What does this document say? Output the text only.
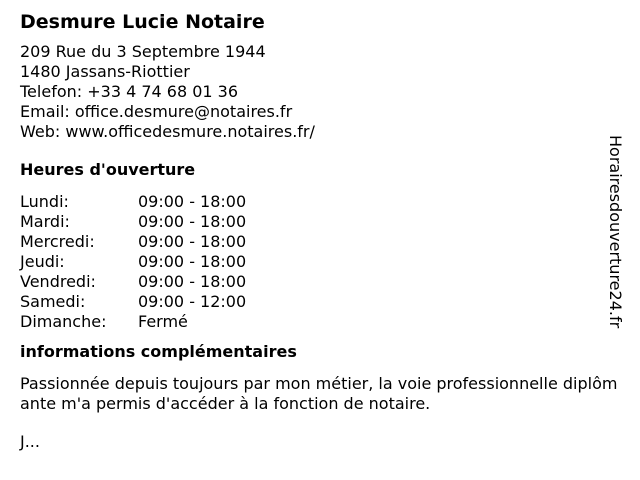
Desmure Lucie Notaire
209 Rue du 3 Septembre 1944
1480 Jassans-Riottier
Telefon: +33 4 74 68 01 36
Email: office.desmure@notaires.fr
Web: www.officedesmure.notaires.fr/
Heures d'ouverture
Lundi:	09:00 - 18:00
Mardi:	09:00 - 18:00
Mercredi:	09:00 - 18:00
Jeudi:	09:00 - 18:00
Vendredi:	09:00 - 18:00
Samedi:	09:00 - 12:00
Dimanche:	Fermé
informations complémentaires
Passionnée depuis toujours par mon métier, la voie professionnelle diplômante m'a permis d'accéder à la fonction de notaire.
J...
Horairesdouverture24.fr
